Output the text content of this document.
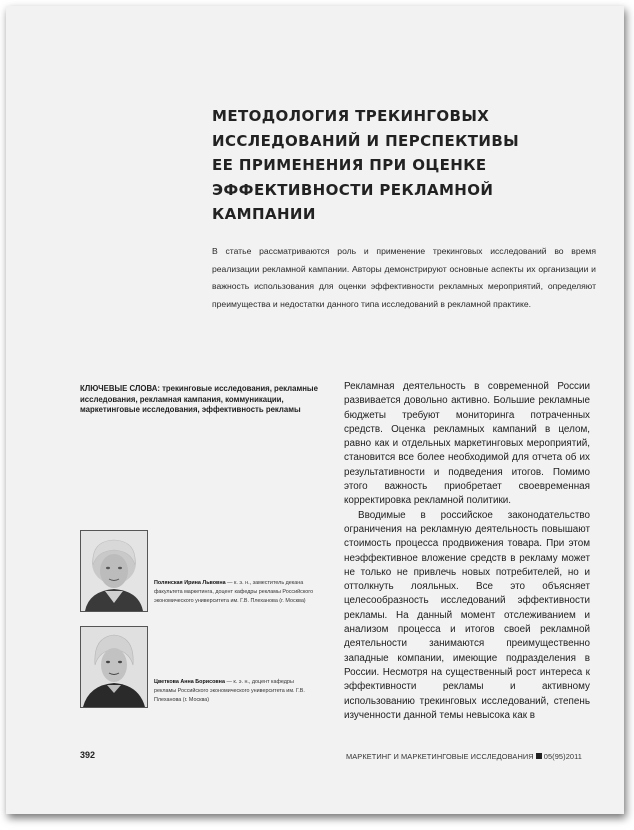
МЕТОДОЛОГИЯ ТРЕКИНГОВЫХ ИССЛЕДОВАНИЙ И ПЕРСПЕКТИВЫ ЕЕ ПРИМЕНЕНИЯ ПРИ ОЦЕНКЕ ЭФФЕКТИВНОСТИ РЕКЛАМНОЙ КАМПАНИИ

В статье рассматриваются роль и применение трекинговых исследований во время реализации рекламной кампании. Авторы демонстрируют основные аспекты их организации и важность использования для оценки эффективности рекламных мероприятий, определяют преимущества и недостатки данного типа исследований в рекламной практике.

КЛЮЧЕВЫЕ СЛОВА: трекинговые исследования, рекламные исследования, рекламная кампания, коммуникации, маркетинговые исследования, эффективность рекламы

Рекламная деятельность в современной России развивается довольно активно. Большие рекламные бюджеты требуют мониторинга потраченных средств. Оценка рекламных кампаний в целом, равно как и отдельных маркетинговых мероприятий, становится все более необходимой для отчета об их результативности и подведения итогов. Помимо этого важность приобретает своевременная корректировка рекламной политики.

Вводимые в российское законодательство ограничения на рекламную деятельность повышают стоимость процесса продвижения товара. При этом неэффективное вложение средств в рекламу может не только не привлечь новых потребителей, но и оттолкнуть лояльных. Все это объясняет целесообразность исследований эффективности рекламы. На данный момент отслеживанием и анализом процесса и итогов своей рекламной деятельности занимаются преимущественно западные компании, имеющие подразделения в России. Несмотря на существенный рост интереса к эффективности рекламы и активному использованию трекинговых исследований, степень изученности данной темы невысока как в

Полянская Ирина Львовна — к. э. н., заместитель декана факультета маркетинга, доцент кафедры рекламы Российского экономического университета им. Г.В. Плеханова (г. Москва)

Цветкова Анна Борисовна — к. э. н., доцент кафедры рекламы Российского экономического университета им. Г.В. Плеханова (г. Москва)

392	МАРКЕТИНГ И МАРКЕТИНГОВЫЕ ИССЛЕДОВАНИЯ 05(95)2011
